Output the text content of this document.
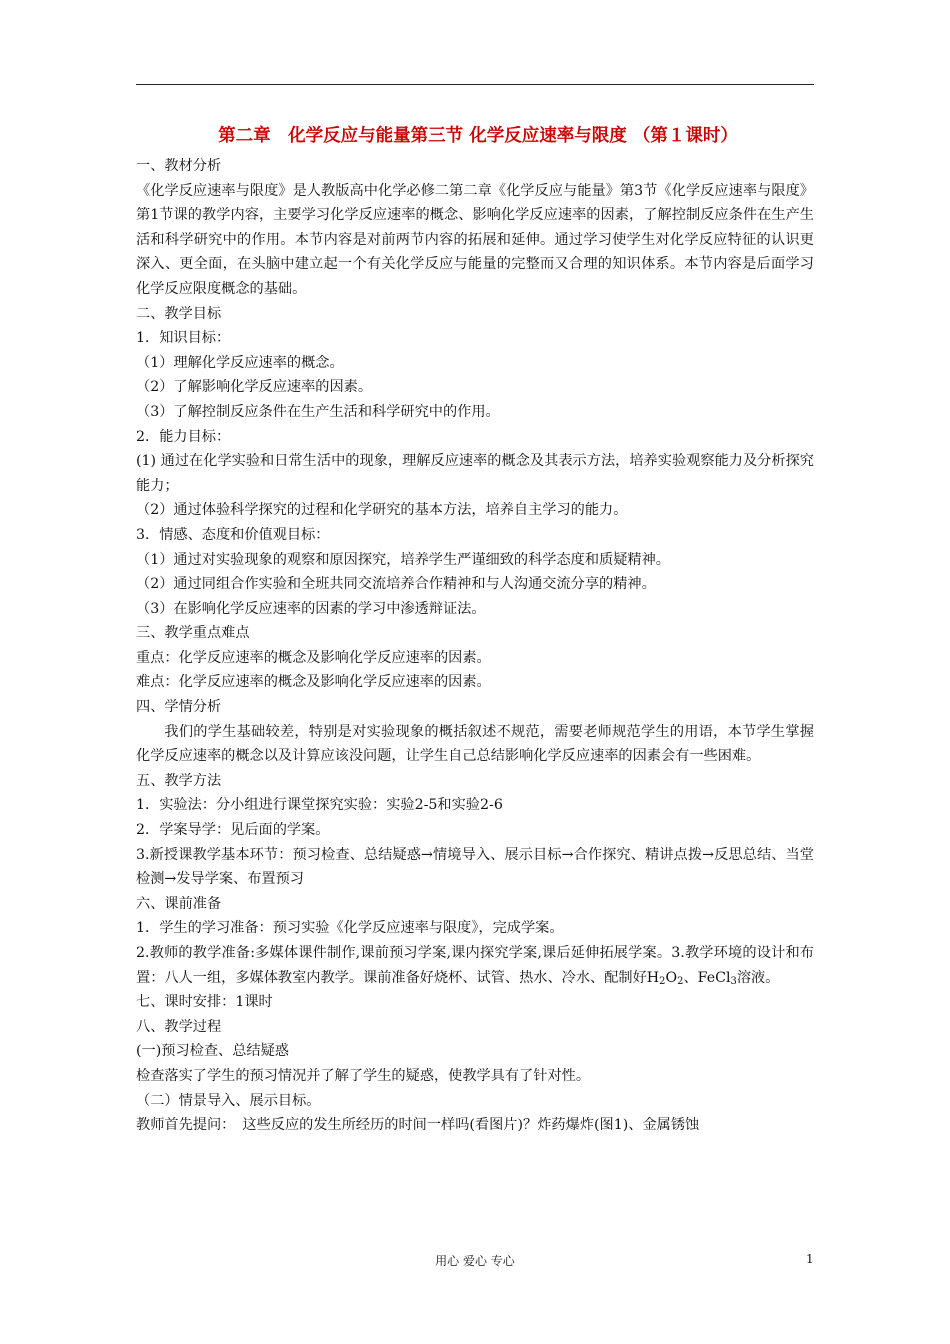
第二章　化学反应与能量第三节 化学反应速率与限度 （第１课时）

一、教材分析

《化学反应速率与限度》是人教版高中化学必修二第二章《化学反应与能量》第3节《化学反应速率与限度》第1节课的教学内容，主要学习化学反应速率的概念、影响化学反应速率的因素，了解控制反应条件在生产生活和科学研究中的作用。本节内容是对前两节内容的拓展和延伸。通过学习使学生对化学反应特征的认识更深入、更全面，在头脑中建立起一个有关化学反应与能量的完整而又合理的知识体系。本节内容是后面学习化学反应限度概念的基础。

二、教学目标

1．知识目标：

（1）理解化学反应速率的概念。

（2）了解影响化学反应速率的因素。

（3）了解控制反应条件在生产生活和科学研究中的作用。

2．能力目标：

(1) 通过在化学实验和日常生活中的现象，理解反应速率的概念及其表示方法，培养实验观察能力及分析探究能力；

（2）通过体验科学探究的过程和化学研究的基本方法，培养自主学习的能力。

3．情感、态度和价值观目标：

（1）通过对实验现象的观察和原因探究，培养学生严谨细致的科学态度和质疑精神。

（2）通过同组合作实验和全班共同交流培养合作精神和与人沟通交流分享的精神。

（3）在影响化学反应速率的因素的学习中渗透辩证法。

三、教学重点难点

重点：化学反应速率的概念及影响化学反应速率的因素。

难点：化学反应速率的概念及影响化学反应速率的因素。

四、学情分析

我们的学生基础较差，特别是对实验现象的概括叙述不规范，需要老师规范学生的用语，本节学生掌握化学反应速率的概念以及计算应该没问题，让学生自己总结影响化学反应速率的因素会有一些困难。

五、教学方法

1．实验法：分小组进行课堂探究实验：实验2-5和实验2-6

2．学案导学：见后面的学案。

3.新授课教学基本环节：预习检查、总结疑惑→情境导入、展示目标→合作探究、精讲点拨→反思总结、当堂检测→发导学案、布置预习

六、课前准备

1．学生的学习准备：预习实验《化学反应速率与限度》，完成学案。

2.教师的教学准备:多媒体课件制作,课前预习学案,课内探究学案,课后延伸拓展学案。3.教学环境的设计和布置：八人一组，多媒体教室内教学。课前准备好烧杯、试管、热水、冷水、配制好$H_2O_2$、FeCl$_3$溶液。

七、课时安排：1课时

八、教学过程

(一)预习检查、总结疑惑

检查落实了学生的预习情况并了解了学生的疑惑，使教学具有了针对性。

（二）情景导入、展示目标。

教师首先提问：　这些反应的发生所经历的时间一样吗(看图片)？炸药爆炸(图1)、金属锈蚀

用心 爱心 专心	1
